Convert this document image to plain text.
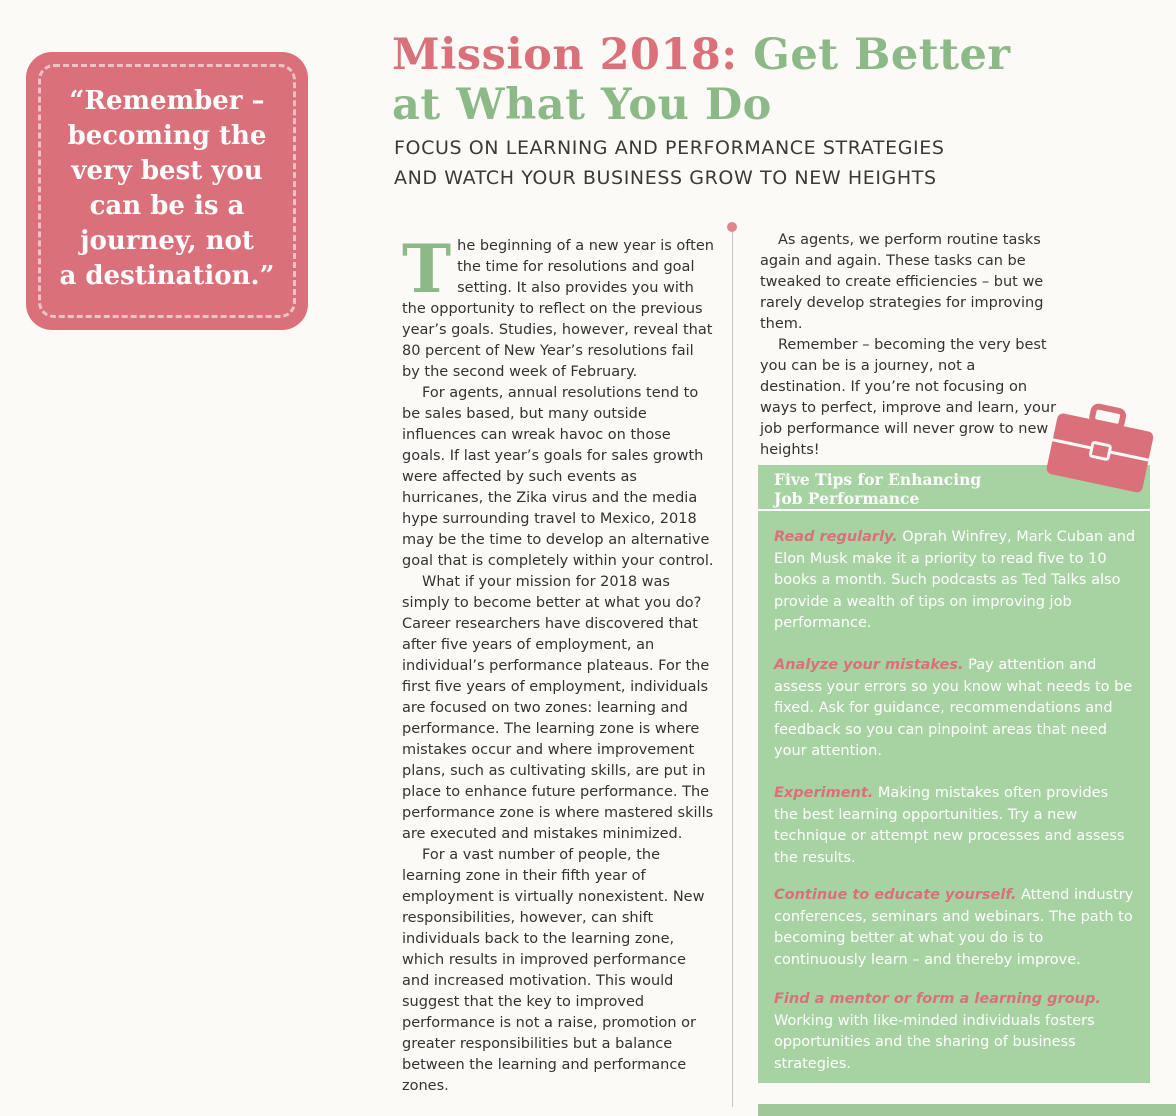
“Remember –
becoming the
very best you
can be is a
journey, not
a destination.”
Mission 2018: Get Better
at What You Do
FOCUS ON LEARNING AND PERFORMANCE STRATEGIES
AND WATCH YOUR BUSINESS GROW TO NEW HEIGHTS

The beginning of a new year is often the time for resolutions and goal setting. It also provides you with the opportunity to reflect on the previous year’s goals. Studies, however, reveal that 80 percent of New Year’s resolutions fail by the second week of February.

For agents, annual resolutions tend to be sales based, but many outside influences can wreak havoc on those goals. If last year’s goals for sales growth were affected by such events as hurricanes, the Zika virus and the media hype surrounding travel to Mexico, 2018 may be the time to develop an alternative goal that is completely within your control.

What if your mission for 2018 was simply to become better at what you do? Career researchers have discovered that after five years of employment, an individual’s performance plateaus. For the first five years of employment, individuals are focused on two zones: learning and performance. The learning zone is where mistakes occur and where improvement plans, such as cultivating skills, are put in place to enhance future performance. The performance zone is where mastered skills are executed and mistakes minimized.

For a vast number of people, the learning zone in their fifth year of employment is virtually nonexistent. New responsibilities, however, can shift individuals back to the learning zone, which results in improved performance and increased motivation. This would suggest that the key to improved performance is not a raise, promotion or greater responsibilities but a balance between the learning and performance zones.

As agents, we perform routine tasks again and again. These tasks can be tweaked to create efficiencies – but we rarely develop strategies for improving them.

Remember – becoming the very best you can be is a journey, not a destination. If you’re not focusing on ways to perfect, improve and learn, your job performance will never grow to new heights!

Five Tips for Enhancing
Job Performance
Read regularly. Oprah Winfrey, Mark Cuban and Elon Musk make it a priority to read five to 10 books a month. Such podcasts as Ted Talks also provide a wealth of tips on improving job performance.
Analyze your mistakes. Pay attention and assess your errors so you know what needs to be fixed. Ask for guidance, recommendations and feedback so you can pinpoint areas that need your attention.
Experiment. Making mistakes often provides the best learning opportunities. Try a new technique or attempt new processes and assess the results.
Continue to educate yourself. Attend industry conferences, seminars and webinars. The path to becoming better at what you do is to continuously learn – and thereby improve.
Find a mentor or form a learning group. Working with like-minded individuals fosters opportunities and the sharing of business strategies.
